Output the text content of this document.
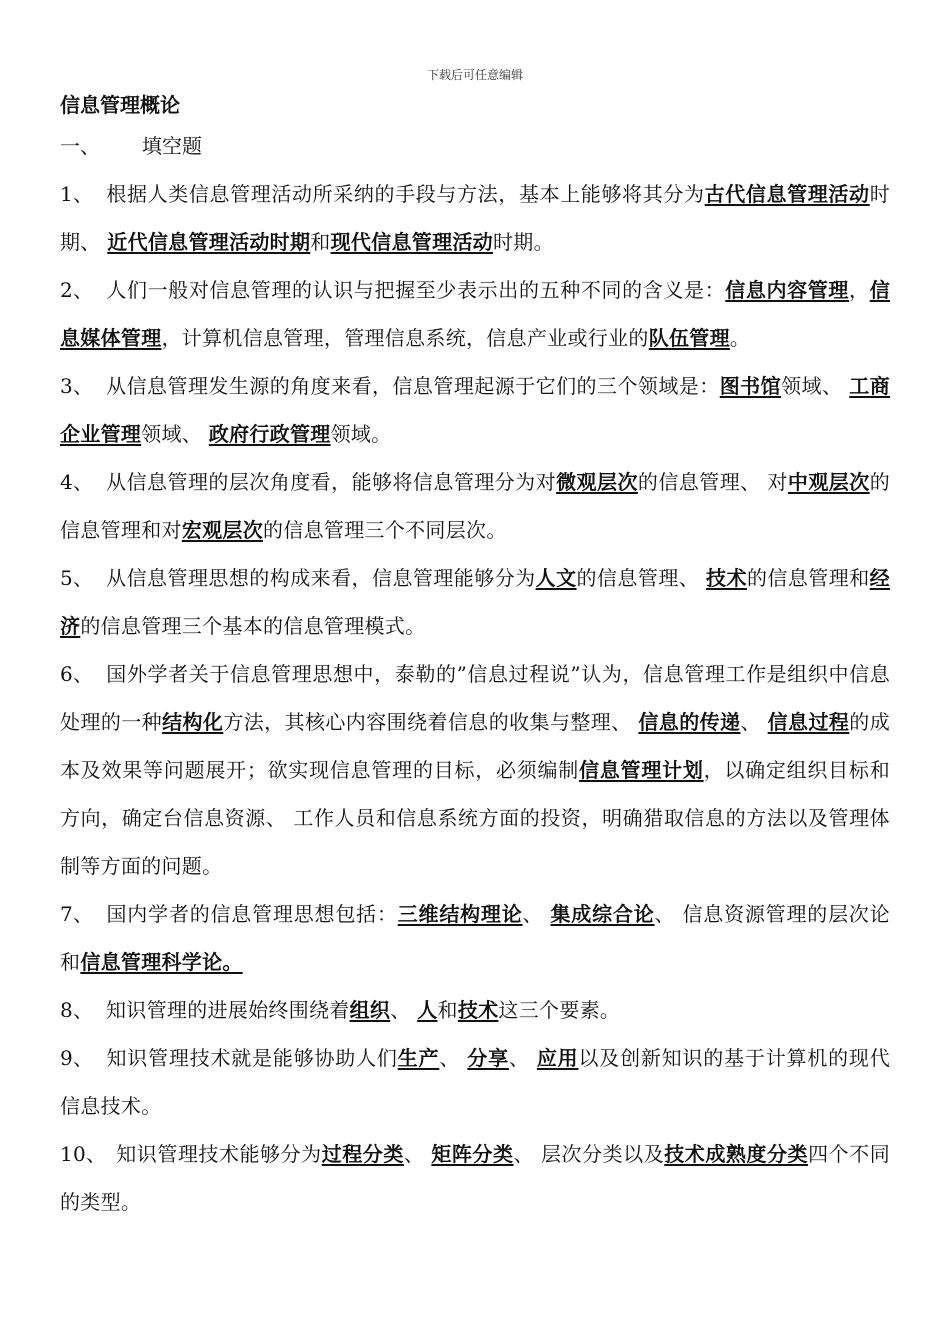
下载后可任意编辑
信息管理概论

一、 填空题

1、 根据人类信息管理活动所采纳的手段与方法，基本上能够将其分为古代信息管理活动时期、 近代信息管理活动时期和现代信息管理活动时期。

2、 人们一般对信息管理的认识与把握至少表示出的五种不同的含义是：信息内容管理，信息媒体管理，计算机信息管理，管理信息系统，信息产业或行业的队伍管理。

3、 从信息管理发生源的角度来看，信息管理起源于它们的三个领域是：图书馆领域、 工商企业管理领域、 政府行政管理领域。

4、 从信息管理的层次角度看，能够将信息管理分为对微观层次的信息管理、 对中观层次的信息管理和对宏观层次的信息管理三个不同层次。

5、 从信息管理思想的构成来看，信息管理能够分为人文的信息管理、 技术的信息管理和经济的信息管理三个基本的信息管理模式。

6、 国外学者关于信息管理思想中，泰勒的”信息过程说”认为，信息管理工作是组织中信息处理的一种结构化方法，其核心内容围绕着信息的收集与整理、 信息的传递、 信息过程的成本及效果等问题展开；欲实现信息管理的目标，必须编制信息管理计划，以确定组织目标和方向，确定台信息资源、 工作人员和信息系统方面的投资，明确猎取信息的方法以及管理体制等方面的问题。

7、 国内学者的信息管理思想包括：三维结构理论、 集成综合论、 信息资源管理的层次论和信息管理科学论。

8、 知识管理的进展始终围绕着组织、 人和技术这三个要素。

9、 知识管理技术就是能够协助人们生产、 分享、 应用以及创新知识的基于计算机的现代信息技术。

10、 知识管理技术能够分为过程分类、 矩阵分类、 层次分类以及技术成熟度分类四个不同的类型。
